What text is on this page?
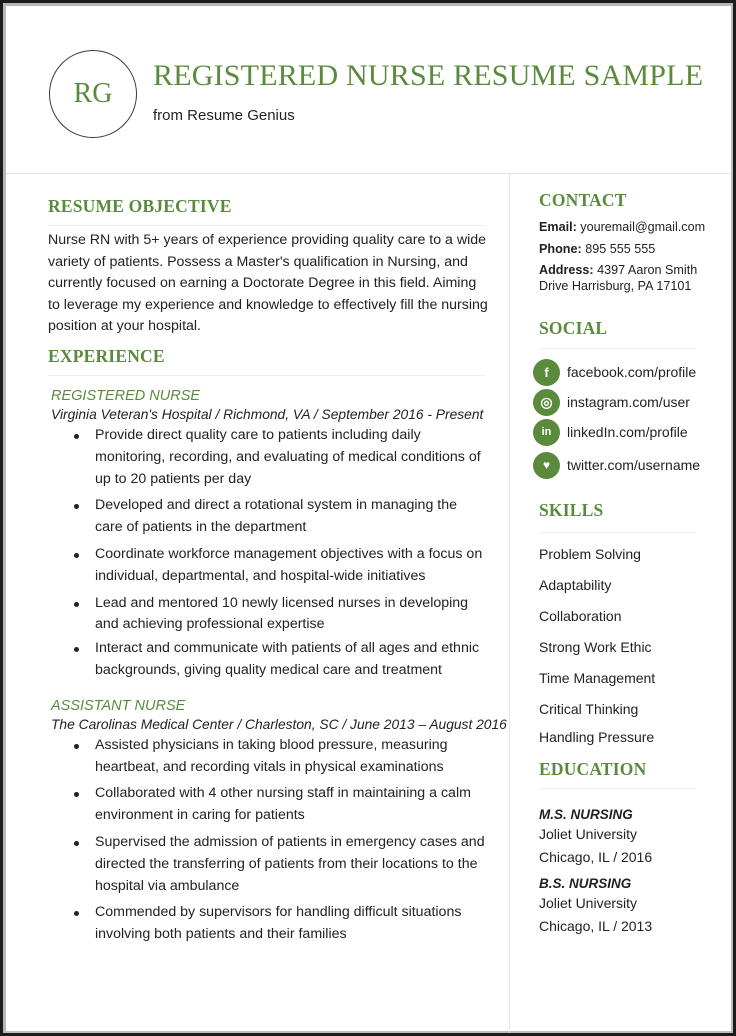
RG
REGISTERED NURSE RESUME SAMPLE
from Resume Genius
RESUME OBJECTIVE

Nurse RN with 5+ years of experience providing quality care to a wide variety of patients. Possess a Master's qualification in Nursing, and currently focused on earning a Doctorate Degree in this field. Aiming to leverage my experience and knowledge to effectively fill the nursing position at your hospital.

EXPERIENCE
REGISTERED NURSE
Virginia Veteran's Hospital / Richmond, VA / September 2016 - Present
Provide direct quality care to patients including daily monitoring, recording, and evaluating of medical conditions of up to 20 patients per day
Developed and direct a rotational system in managing the care of patients in the department
Coordinate workforce management objectives with a focus on individual, departmental, and hospital-wide initiatives
Lead and mentored 10 newly licensed nurses in developing and achieving professional expertise
Interact and communicate with patients of all ages and ethnic backgrounds, giving quality medical care and treatment
ASSISTANT NURSE
The Carolinas Medical Center / Charleston, SC / June 2013 – August 2016
Assisted physicians in taking blood pressure, measuring heartbeat, and recording vitals in physical examinations
Collaborated with 4 other nursing staff in maintaining a calm environment in caring for patients
Supervised the admission of patients in emergency cases and directed the transferring of patients from their locations to the hospital via ambulance
Commended by supervisors for handling difficult situations involving both patients and their families
CONTACT
Email: youremail@gmail.com
Phone: 895 555 555
Address: 4397 Aaron Smith
Drive Harrisburg, PA 17101
SOCIAL
f	facebook.com/profile
◎	instagram.com/user
in	linkedIn.com/profile
♥	twitter.com/username
SKILLS
Problem Solving
Adaptability
Collaboration
Strong Work Ethic
Time Management
Critical Thinking
Handling Pressure
EDUCATION
M.S. NURSING
Joliet University
Chicago, IL / 2016
B.S. NURSING
Joliet University
Chicago, IL / 2013
